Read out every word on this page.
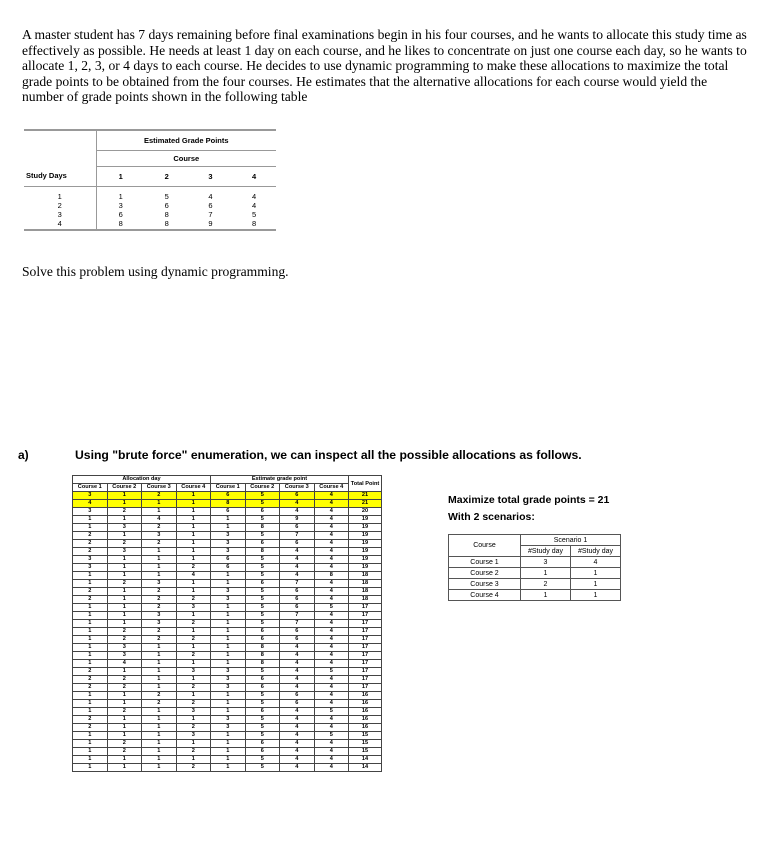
A master student has 7 days remaining before final examinations begin in his four courses, and he wants to allocate this study time as effectively as possible. He needs at least 1 day on each course, and he likes to concentrate on just one course each day, so he wants to allocate 1, 2, 3, or 4 days to each course. He decides to use dynamic programming to make these allocations to maximize the total grade points to be obtained from the four courses. He estimates that the alternative allocations for each course would yield the number of grade points shown in the following table

	Estimated Grade Points			
	Course			
Study Days	1	2	3	4

1	1	5	4	4
2	3	6	6	4
3	6	8	7	5
4	8	8	9	8

Solve this problem using dynamic programming.

a)	Using "brute force" enumeration, we can inspect all the possible allocations as follows.
Allocation day				Estimate grade point				Total Point
Course 1	Course 2	Course 3	Course 4	Course 1	Course 2	Course 3	Course 4	
3	1	2	1	6	5	6	4	21
4	1	1	1	8	5	4	4	21
3	2	1	1	6	6	4	4	20
1	1	4	1	1	5	9	4	19
1	3	2	1	1	8	6	4	19
2	1	3	1	3	5	7	4	19
2	2	2	1	3	6	6	4	19
2	3	1	1	3	8	4	4	19
3	1	1	1	6	5	4	4	19
3	1	1	2	6	5	4	4	19
1	1	1	4	1	5	4	8	18
1	2	3	1	1	6	7	4	18
2	1	2	1	3	5	6	4	18
2	1	2	2	3	5	6	4	18
1	1	2	3	1	5	6	5	17
1	1	3	1	1	5	7	4	17
1	1	3	2	1	5	7	4	17
1	2	2	1	1	6	6	4	17
1	2	2	2	1	6	6	4	17
1	3	1	1	1	8	4	4	17
1	3	1	2	1	8	4	4	17
1	4	1	1	1	8	4	4	17
2	1	1	3	3	5	4	5	17
2	2	1	1	3	6	4	4	17
2	2	1	2	3	6	4	4	17
1	1	2	1	1	5	6	4	16
1	1	2	2	1	5	6	4	16
1	2	1	3	1	6	4	5	16
2	1	1	1	3	5	4	4	16
2	1	1	2	3	5	4	4	16
1	1	1	3	1	5	4	5	15
1	2	1	1	1	6	4	4	15
1	2	1	2	1	6	4	4	15
1	1	1	1	1	5	4	4	14
1	1	1	2	1	5	4	4	14
Maximize total grade points = 21
With 2 scenarios:
Course	Scenario 1	
	#Study day	#Study day
Course 1	3	4
Course 2	1	1
Course 3	2	1
Course 4	1	1
